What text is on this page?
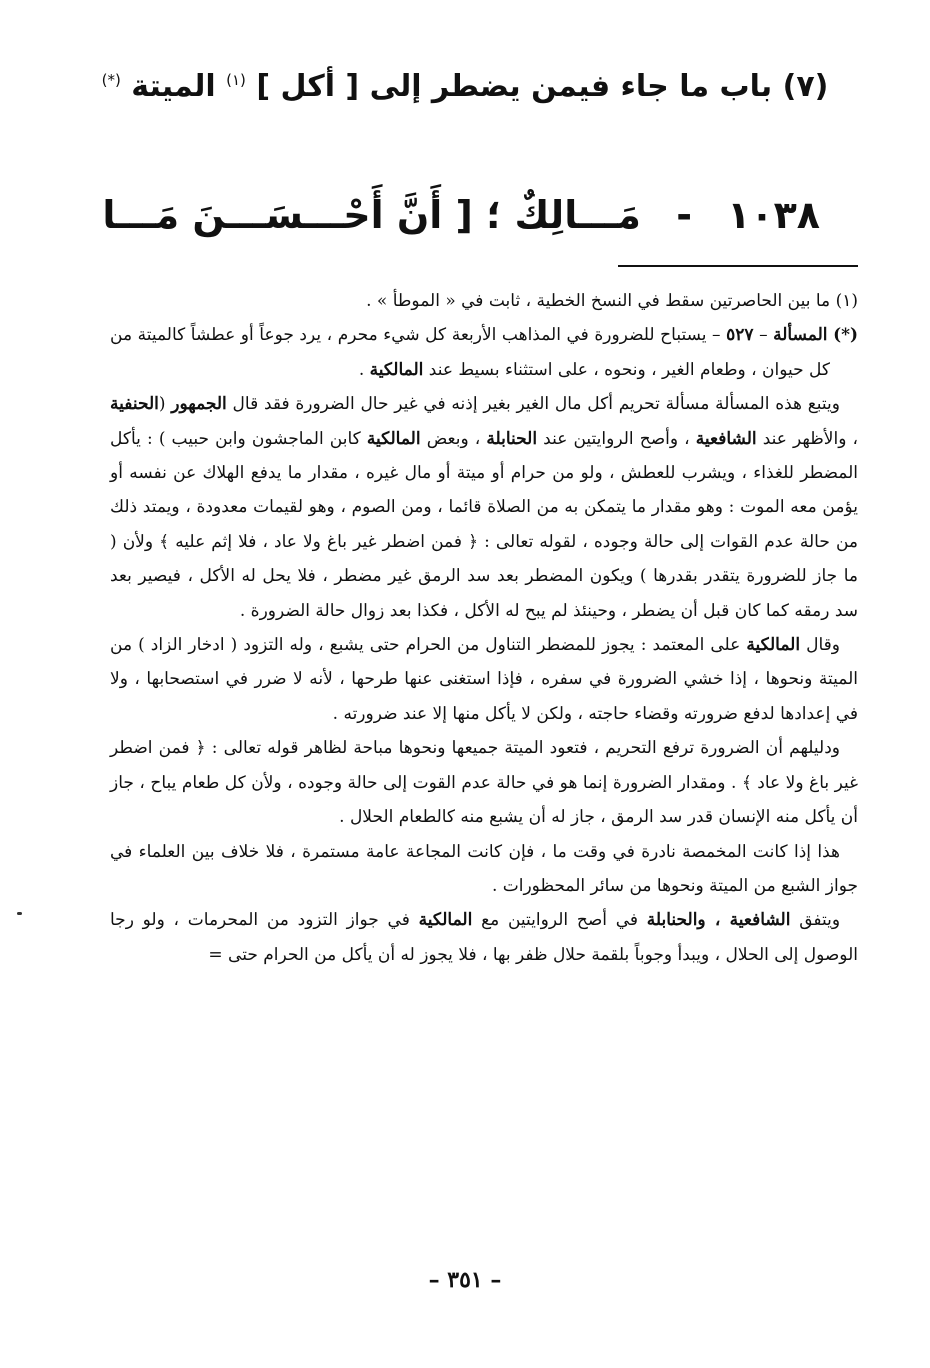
(٧) باب ما جاء فيمن يضطر إلى [ أكل ] $^{(١)}$ الميتة (*)
١٠٣٨ - مَـــالِكٌ ؛ [ أَنَّ أَحْـــسَـــنَ مَـــا

(١) ما بين الحاصرتين سقط في النسخ الخطية ، ثابت في « الموطأ » .

(*) المسألة – ٥٢٧ – يستباح للضرورة في المذاهب الأربعة كل شيء محرم ، يرد جوعاً أو عطشاً كالميتة من كل حيوان ، وطعام الغير ، ونحوه ، على استثناء بسيط عند المالكية .

ويتبع هذه المسألة مسألة تحريم أكل مال الغير بغير إذنه في غير حال الضرورة فقد قال الجمهور (الحنفية ، والأظهر عند الشافعية ، وأصح الروايتين عند الحنابلة ، وبعض المالكية كابن الماجشون وابن حبيب ) : يأكل المضطر للغذاء ، ويشرب للعطش ، ولو من حرام أو ميتة أو مال غيره ، مقدار ما يدفع الهلاك عن نفسه أو يؤمن معه الموت : وهو مقدار ما يتمكن به من الصلاة قائما ، ومن الصوم ، وهو لقيمات معدودة ، ويمتد ذلك من حالة عدم القوات إلى حالة وجوده ، لقوله تعالى : ﴿ فمن اضطر غير باغ ولا عاد ، فلا إثم عليه ﴾ ولأن ( ما جاز للضرورة يتقدر بقدرها ) ويكون المضطر بعد سد الرمق غير مضطر ، فلا يحل له الأكل ، فيصير بعد سد رمقه كما كان قبل أن يضطر ، وحينئذ لم يبح له الأكل ، فكذا بعد زوال حالة الضرورة .

وقال المالكية على المعتمد : يجوز للمضطر التناول من الحرام حتى يشبع ، وله التزود ( ادخار الزاد ) من الميتة ونحوها ، إذا خشي الضرورة في سفره ، فإذا استغنى عنها طرحها ، لأنه لا ضرر في استصحابها ، ولا في إعدادها لدفع ضرورته وقضاء حاجته ، ولكن لا يأكل منها إلا عند ضرورته .

ودليلهم أن الضرورة ترفع التحريم ، فتعود الميتة جميعها ونحوها مباحة لظاهر قوله تعالى : ﴿ فمن اضطر غير باغ ولا عاد ﴾ . ومقدار الضرورة إنما هو في حالة عدم القوت إلى حالة وجوده ، ولأن كل طعام يباح ، جاز أن يأكل منه الإنسان قدر سد الرمق ، جاز له أن يشبع منه كالطعام الحلال .

هذا إذا كانت المخمصة نادرة في وقت ما ، فإن كانت المجاعة عامة مستمرة ، فلا خلاف بين العلماء في جواز الشبع من الميتة ونحوها من سائر المحظورات .

ويتفق الشافعية ، والحنابلة في أصح الروايتين مع المالكية في جواز التزود من المحرمات ، ولو رجا الوصول إلى الحلال ، ويبدأ وجوباً بلقمة حلال ظفر بها ، فلا يجوز له أن يأكل من الحرام حتى =

– ٣٥١ –
